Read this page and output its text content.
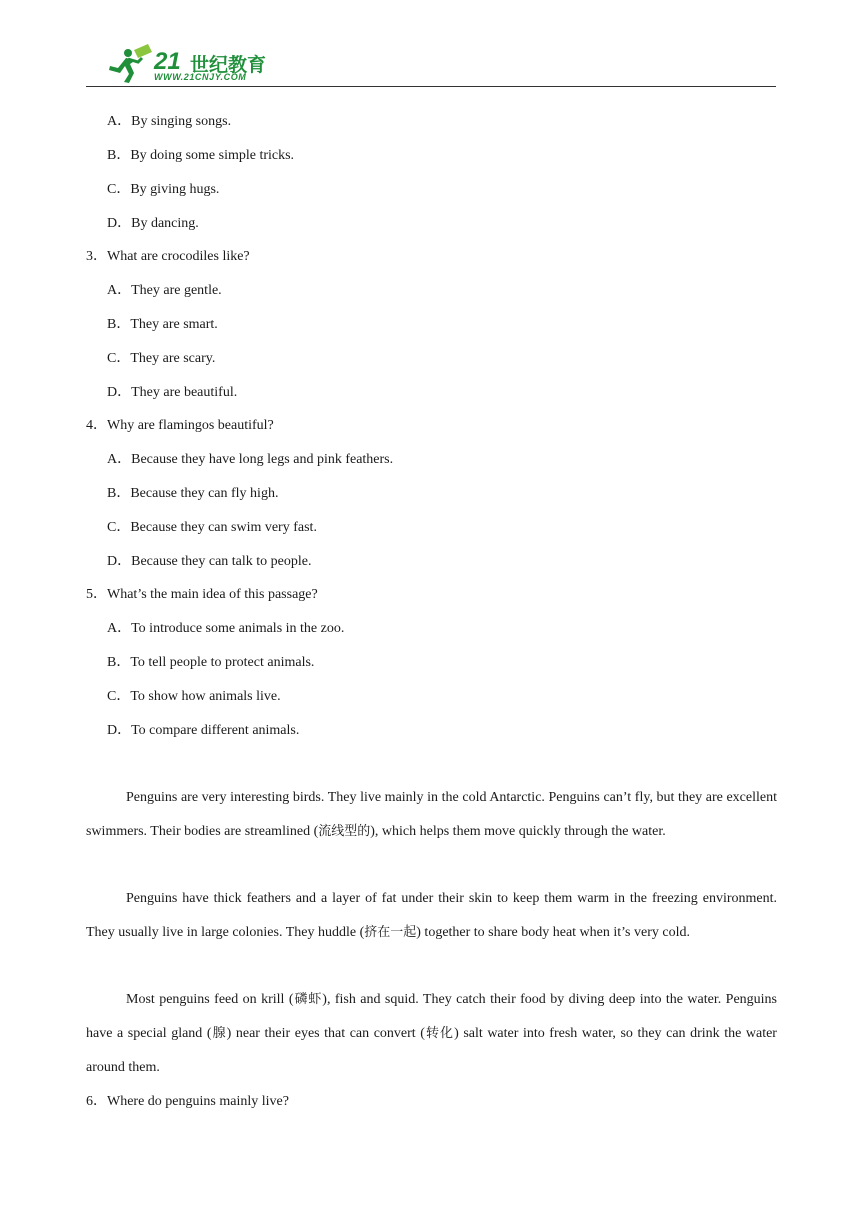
21 世纪教育
WWW.21CNJY.COM
A．By singing songs.
B．By doing some simple tricks.
C．By giving hugs.
D．By dancing.
3．What are crocodiles like?
A．They are gentle.
B．They are smart.
C．They are scary.
D．They are beautiful.
4．Why are flamingos beautiful?
A．Because they have long legs and pink feathers.
B．Because they can fly high.
C．Because they can swim very fast.
D．Because they can talk to people.
5．What’s the main idea of this passage?
A．To introduce some animals in the zoo.
B．To tell people to protect animals.
C．To show how animals live.
D．To compare different animals.
Penguins are very interesting birds. They live mainly in the cold Antarctic. Penguins can’t fly, but they are excellent swimmers. Their bodies are streamlined (流线型的), which helps them move quickly through the water.
Penguins have thick feathers and a layer of fat under their skin to keep them warm in the freezing environment. They usually live in large colonies. They huddle (挤在一起) together to share body heat when it’s very cold.
Most penguins feed on krill (磷虾), fish and squid. They catch their food by diving deep into the water. Penguins have a special gland (腺) near their eyes that can convert (转化) salt water into fresh water, so they can drink the water around them.
6．Where do penguins mainly live?
